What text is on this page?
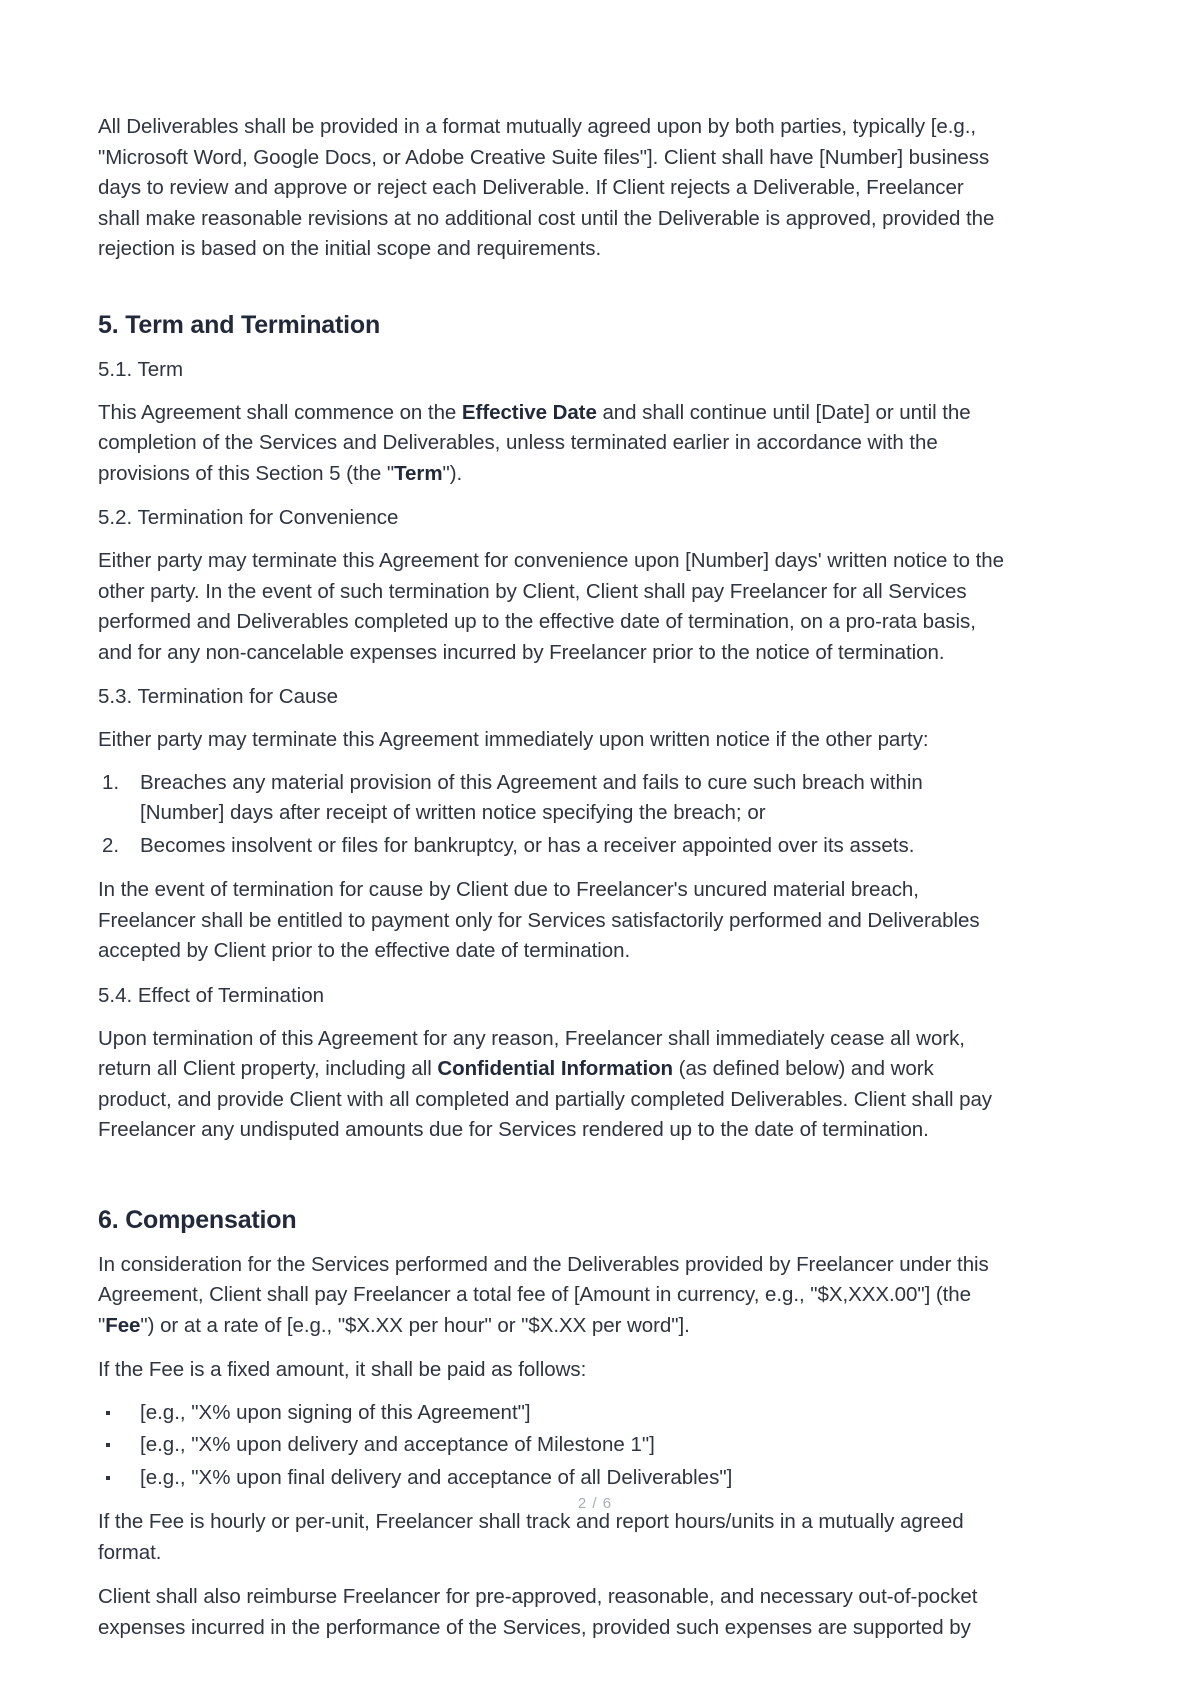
All Deliverables shall be provided in a format mutually agreed upon by both parties, typically [e.g., "Microsoft Word, Google Docs, or Adobe Creative Suite files"]. Client shall have [Number] business days to review and approve or reject each Deliverable. If Client rejects a Deliverable, Freelancer shall make reasonable revisions at no additional cost until the Deliverable is approved, provided the rejection is based on the initial scope and requirements.

5. Term and Termination
5.1. Term

This Agreement shall commence on the Effective Date and shall continue until [Date] or until the completion of the Services and Deliverables, unless terminated earlier in accordance with the provisions of this Section 5 (the "Term").

5.2. Termination for Convenience

Either party may terminate this Agreement for convenience upon [Number] days' written notice to the other party. In the event of such termination by Client, Client shall pay Freelancer for all Services performed and Deliverables completed up to the effective date of termination, on a pro-rata basis, and for any non-cancelable expenses incurred by Freelancer prior to the notice of termination.

5.3. Termination for Cause

Either party may terminate this Agreement immediately upon written notice if the other party:

Breaches any material provision of this Agreement and fails to cure such breach within [Number] days after receipt of written notice specifying the breach; or
Becomes insolvent or files for bankruptcy, or has a receiver appointed over its assets.

In the event of termination for cause by Client due to Freelancer's uncured material breach, Freelancer shall be entitled to payment only for Services satisfactorily performed and Deliverables accepted by Client prior to the effective date of termination.

5.4. Effect of Termination

Upon termination of this Agreement for any reason, Freelancer shall immediately cease all work, return all Client property, including all Confidential Information (as defined below) and work product, and provide Client with all completed and partially completed Deliverables. Client shall pay Freelancer any undisputed amounts due for Services rendered up to the date of termination.

6. Compensation

In consideration for the Services performed and the Deliverables provided by Freelancer under this Agreement, Client shall pay Freelancer a total fee of [Amount in currency, e.g., "$X,XXX.00"] (the "Fee") or at a rate of [e.g., "$X.XX per hour" or "$X.XX per word"].

If the Fee is a fixed amount, it shall be paid as follows:

[e.g., "X% upon signing of this Agreement"]
[e.g., "X% upon delivery and acceptance of Milestone 1"]
[e.g., "X% upon final delivery and acceptance of all Deliverables"]

If the Fee is hourly or per-unit, Freelancer shall track and report hours/units in a mutually agreed format.

Client shall also reimburse Freelancer for pre-approved, reasonable, and necessary out-of-pocket expenses incurred in the performance of the Services, provided such expenses are supported by

2 / 6
